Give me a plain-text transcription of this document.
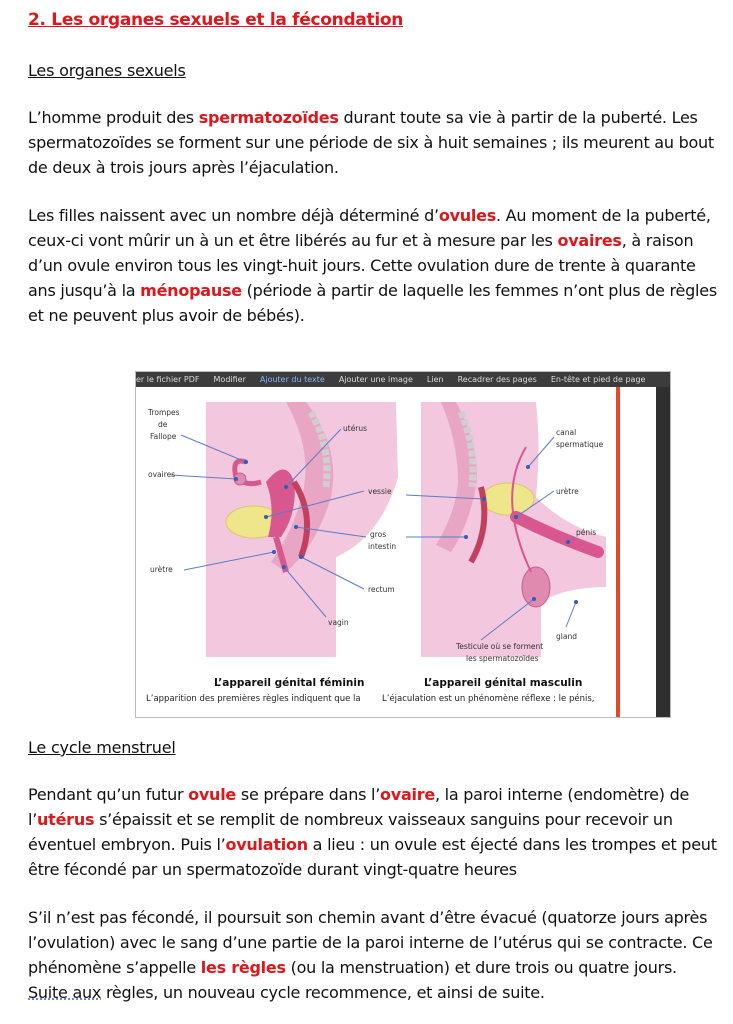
2. Les organes sexuels et la fécondation
Les organes sexuels

L’homme produit des spermatozoïdes durant toute sa vie à partir de la puberté. Les spermatozoïdes se forment sur une période de six à huit semaines ; ils meurent au bout de deux à trois jours après l’éjaculation.

Les filles naissent avec un nombre déjà déterminé d’ovules. Au moment de la puberté, ceux-ci vont mûrir un à un et être libérés au fur et à mesure par les ovaires, à raison d’un ovule environ tous les vingt-huit jours. Cette ovulation dure de trente à quarante ans jusqu’à la ménopause (période à partir de laquelle les femmes n’ont plus de règles et ne peuvent plus avoir de bébés).

er le fichier PDF Modifier Ajouter du texte Ajouter une image Lien Recadrer des pages En-tête et pied de page
Trompes
de
Fallope
ovaires
utérus
urètre
vagin
vessie
gros
intestin
rectum
canal
spermatique
urètre
pénis
gland
Testicule où se forment
les spermatozoïdes
L’appareil génital féminin
L’apparition des premières règles indiquent que la
L’appareil génital masculin
L’éjaculation est un phénomène réflexe : le pénis,
Le cycle menstruel

Pendant qu’un futur ovule se prépare dans l’ovaire, la paroi interne (endomètre) de l’utérus s’épaissit et se remplit de nombreux vaisseaux sanguins pour recevoir un éventuel embryon. Puis l’ovulation a lieu : un ovule est éjecté dans les trompes et peut être fécondé par un spermatozoïde durant vingt-quatre heures

S’il n’est pas fécondé, il poursuit son chemin avant d’être évacué (quatorze jours après l’ovulation) avec le sang d’une partie de la paroi interne de l’utérus qui se contracte. Ce phénomène s’appelle les règles (ou la menstruation) et dure trois ou quatre jours. Suite aux règles, un nouveau cycle recommence, et ainsi de suite.
